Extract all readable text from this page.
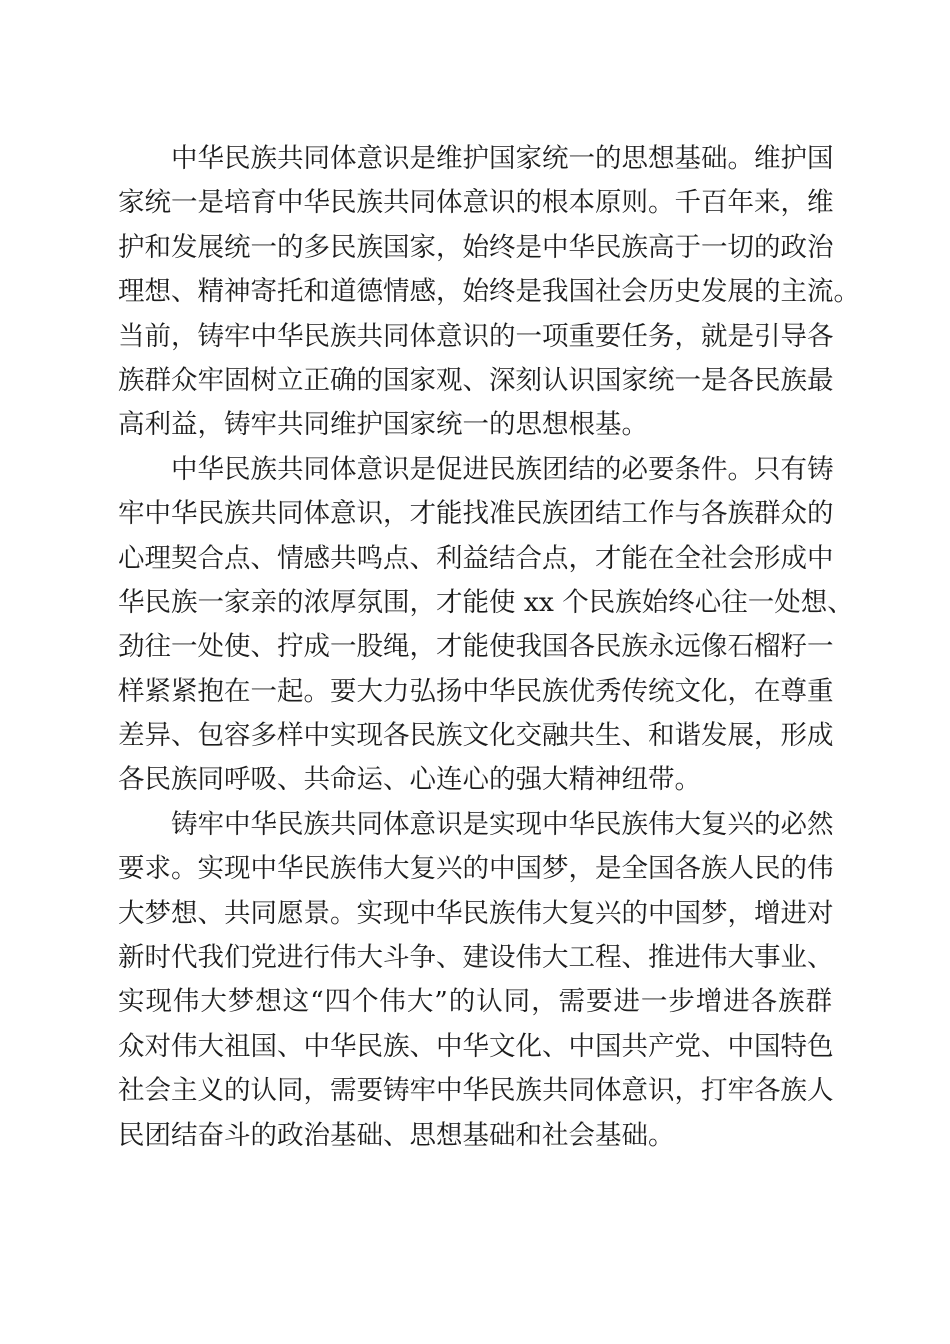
中华民族共同体意识是维护国家统一的思想基础。维护国
家统一是培育中华民族共同体意识的根本原则。千百年来，维
护和发展统一的多民族国家，始终是中华民族高于一切的政治
理想、精神寄托和道德情感，始终是我国社会历史发展的主流。
当前，铸牢中华民族共同体意识的一项重要任务，就是引导各
族群众牢固树立正确的国家观、深刻认识国家统一是各民族最
高利益，铸牢共同维护国家统一的思想根基。
中华民族共同体意识是促进民族团结的必要条件。只有铸
牢中华民族共同体意识，才能找准民族团结工作与各族群众的
心理契合点、情感共鸣点、利益结合点，才能在全社会形成中
华民族一家亲的浓厚氛围，才能使 xx 个民族始终心往一处想、
劲往一处使、拧成一股绳，才能使我国各民族永远像石榴籽一
样紧紧抱在一起。要大力弘扬中华民族优秀传统文化，在尊重
差异、包容多样中实现各民族文化交融共生、和谐发展，形成
各民族同呼吸、共命运、心连心的强大精神纽带。
铸牢中华民族共同体意识是实现中华民族伟大复兴的必然
要求。实现中华民族伟大复兴的中国梦，是全国各族人民的伟
大梦想、共同愿景。实现中华民族伟大复兴的中国梦，增进对
新时代我们党进行伟大斗争、建设伟大工程、推进伟大事业、
实现伟大梦想这“四个伟大”的认同，需要进一步增进各族群
众对伟大祖国、中华民族、中华文化、中国共产党、中国特色
社会主义的认同，需要铸牢中华民族共同体意识，打牢各族人
民团结奋斗的政治基础、思想基础和社会基础。
